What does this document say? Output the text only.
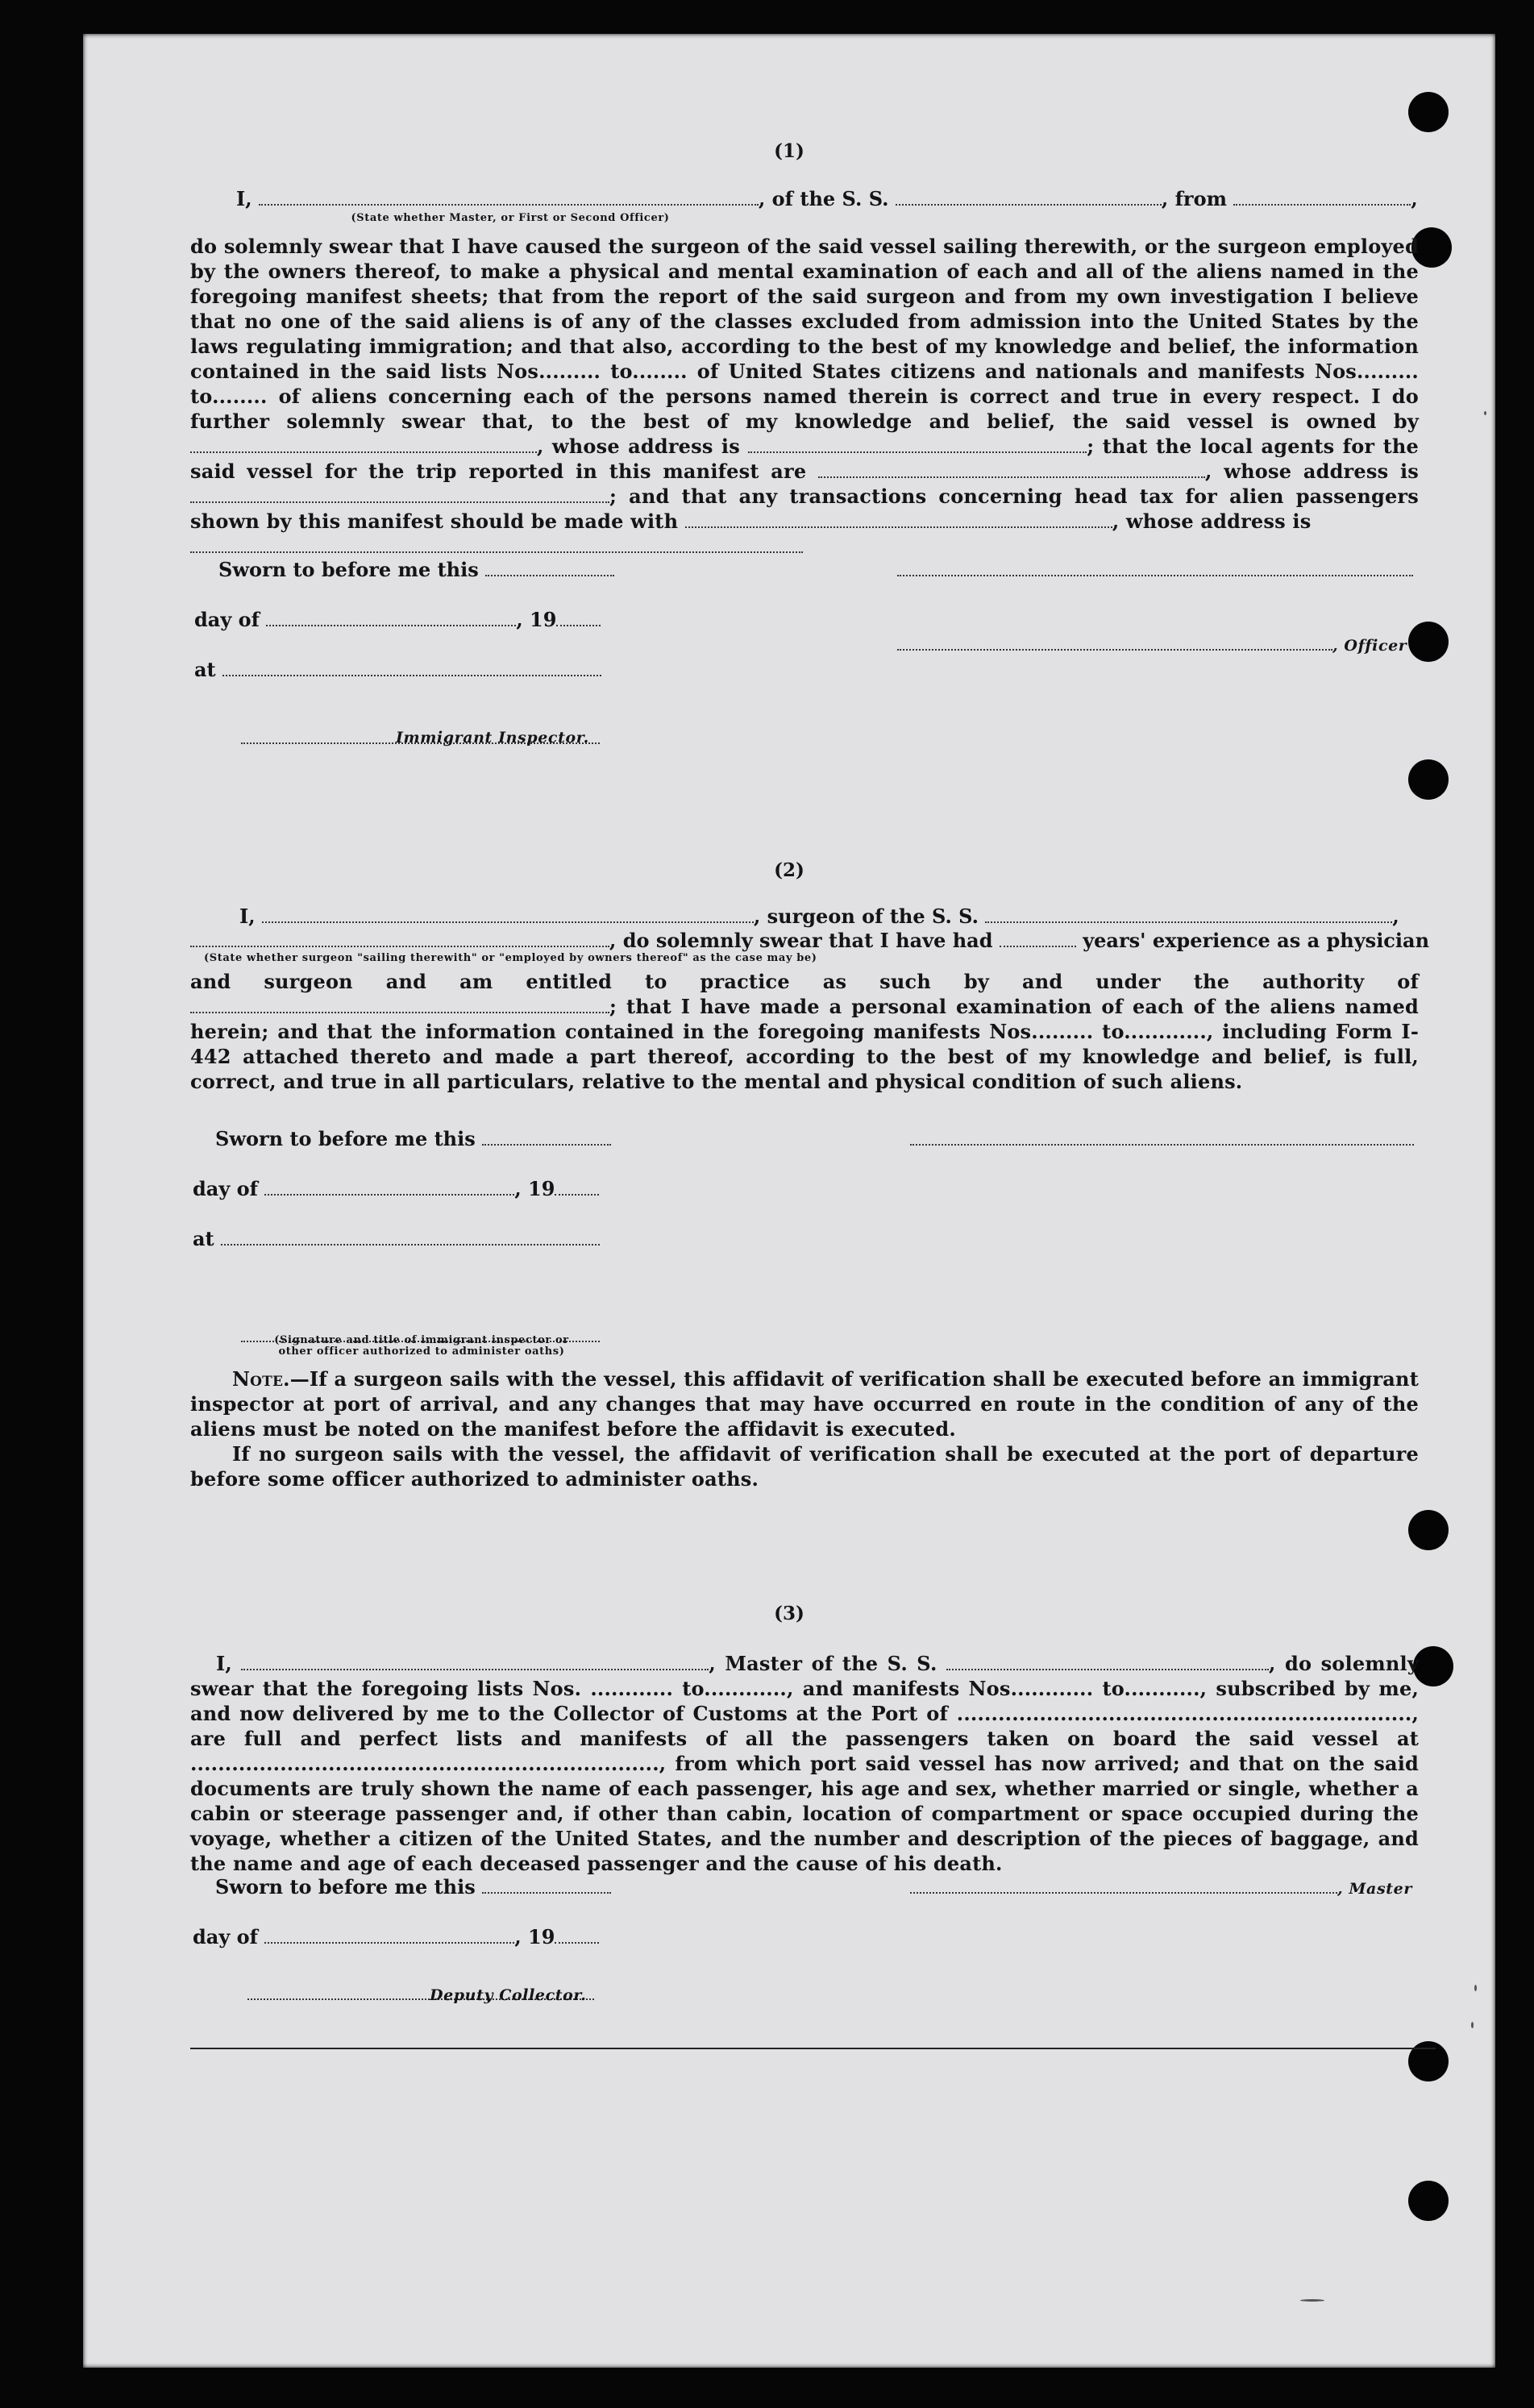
(1)
I,	, of the S. S.	, from	,
(State whether Master, or First or Second Officer)
do solemnly swear that I have caused the surgeon of the said vessel sailing therewith, or the surgeon employed by the owners thereof, to make a physical and mental examination of each and all of the aliens named in the foregoing manifest sheets; that from the report of the said surgeon and from my own investigation I believe that no one of the said aliens is of any of the classes excluded from admission into the United States by the laws regulating immigration; and that also, according to the best of my knowledge and belief, the information contained in the said lists Nos......... to........ of United States citizens and nationals and manifests Nos......... to........ of aliens concerning each of the persons named therein is correct and true in every respect. I do further solemnly swear that, to the best of my knowledge and belief, the said vessel is owned by , whose address is	; that the local agents for the said vessel for the trip reported in this manifest are	, whose address is ; and that any transactions concerning head tax for alien passengers shown by this manifest should be made with	, whose address is

Sworn to before me this
day of	, 19
, Officer
at
Immigrant Inspector.
(2)
I,	, surgeon of the S. S.	,
, do solemnly swear that I have had	years' experience as a physician
(State whether surgeon "sailing therewith" or "employed by owners thereof" as the case may be)
and surgeon and am entitled to practice as such by and under the authority of ; that I have made a personal examination of each of the aliens named herein; and that the information contained in the foregoing manifests Nos......... to............, including Form I-442 attached thereto and made a part thereof, according to the best of my knowledge and belief, is full, correct, and true in all particulars, relative to the mental and physical condition of such aliens.
Sworn to before me this
day of	, 19
at
(Signature and title of immigrant inspector or
other officer authorized to administer oaths)
Note.—If a surgeon sails with the vessel, this affidavit of verification shall be executed before an immigrant inspector at port of arrival, and any changes that may have occurred en route in the condition of any of the aliens must be noted on the manifest before the affidavit is executed.
If no surgeon sails with the vessel, the affidavit of verification shall be executed at the port of departure before some officer authorized to administer oaths.
(3)
I,	, Master of the S. S.	, do solemnly swear that the foregoing lists Nos. ............ to............, and manifests Nos............ to..........., subscribed by me, and now delivered by me to the Collector of Customs at the Port of .................................................................., are full and perfect lists and manifests of all the passengers taken on board the said vessel at ...................................................................., from which port said vessel has now arrived; and that on the said documents are truly shown the name of each passenger, his age and sex, whether married or single, whether a cabin or steerage passenger and, if other than cabin, location of compartment or space occupied during the voyage, whether a citizen of the United States, and the number and description of the pieces of baggage, and the name and age of each deceased passenger and the cause of his death.
Sworn to before me this	, Master
day of	, 19
Deputy Collector.
